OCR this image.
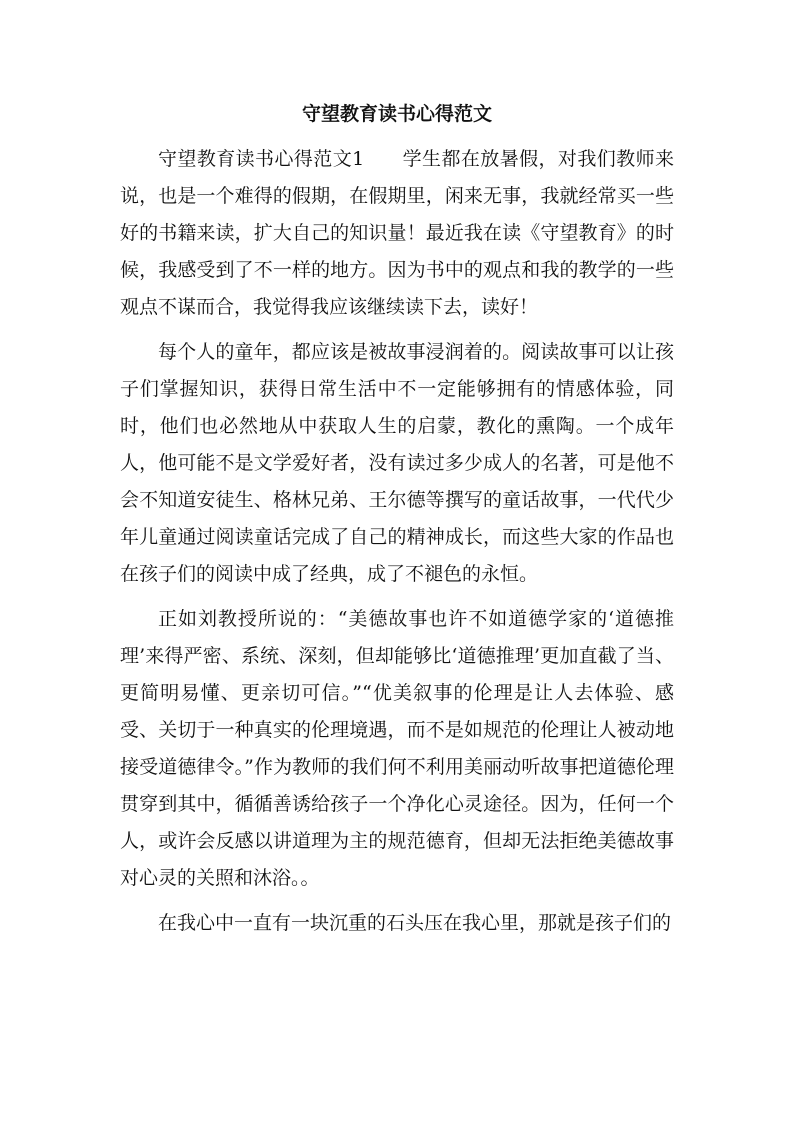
守望教育读书心得范文

守望教育读书心得范文1 学生都在放暑假，对我们教师来说，也是一个难得的假期，在假期里，闲来无事，我就经常买一些好的书籍来读，扩大自己的知识量！最近我在读《守望教育》的时候，我感受到了不一样的地方。因为书中的观点和我的教学的一些观点不谋而合，我觉得我应该继续读下去，读好！

每个人的童年，都应该是被故事浸润着的。阅读故事可以让孩子们掌握知识，获得日常生活中不一定能够拥有的情感体验，同时，他们也必然地从中获取人生的启蒙，教化的熏陶。一个成年人，他可能不是文学爱好者，没有读过多少成人的名著，可是他不会不知道安徒生、格林兄弟、王尔德等撰写的童话故事，一代代少年儿童通过阅读童话完成了自己的精神成长，而这些大家的作品也在孩子们的阅读中成了经典，成了不褪色的永恒。

正如刘教授所说的：“美德故事也许不如道德学家的‘道德推理’来得严密、系统、深刻，但却能够比‘道德推理’更加直截了当、更简明易懂、更亲切可信。”“优美叙事的伦理是让人去体验、感受、关切于一种真实的伦理境遇，而不是如规范的伦理让人被动地接受道德律令。”作为教师的我们何不利用美丽动听故事把道德伦理贯穿到其中，循循善诱给孩子一个净化心灵途径。因为，任何一个人，或许会反感以讲道理为主的规范德育，但却无法拒绝美德故事对心灵的关照和沐浴。。

在我心中一直有一块沉重的石头压在我心里，那就是孩子们的
